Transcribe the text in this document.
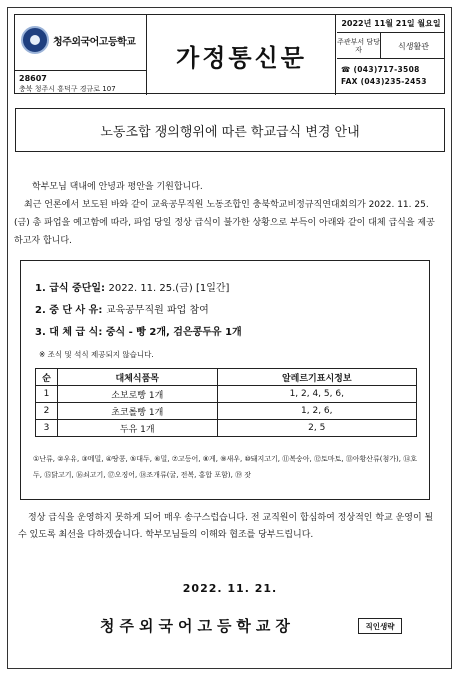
청주외국어고등학교
28607
충북 청주시 흥덕구 경규로 107
가정통신문
2022년 11월 21일 월요일
주관부서 담당자	식생활관
☎ (043)717-3508
FAX (043)235-2453
노동조합 쟁의행위에 따른 학교급식 변경 안내
학부모님 댁내에 안녕과 평안을 기원합니다.
최근 언론에서 보도된 바와 같이 교육공무직원 노동조합인 충북학교비정규직연대회의가 2022. 11. 25.(금) 총 파업을 예고함에 따라, 파업 당일 정상 급식이 불가한 상황으로 부득이 아래와 같이 대체 급식을 제공하고자 합니다.
1. 급식 중단일: 2022. 11. 25.(금) [1일간]
2. 중 단 사 유: 교육공무직원 파업 참여
3. 대 체 급 식: 중식 - 빵 2개, 검은콩두유 1개
※ 조식 및 석식 제공되지 않습니다.
순	대체식품목	알레르기표시정보
1	소보로빵 1개	1, 2, 4, 5, 6,
2	초코롤빵 1개	1, 2, 6,
3	두유 1개	2, 5
①난류, ②우유, ③메밀, ④땅콩, ⑤대두, ⑥밀, ⑦고등어, ⑧게, ⑨새우, ⑩돼지고기, ⑪복숭아, ⑫토마토, ⑬아황산류(첨가), ⑭호두, ⑮닭고기, ⑯쇠고기, ⑰오징어, ⑱조개류(굴, 전복, 홍합 포함), ⑲ 잣
정상 급식을 운영하지 못하게 되어 매우 송구스럽습니다. 전 교직원이 합심하여 정상적인 학교 운영이 될 수 있도록 최선을 다하겠습니다. 학부모님들의 이해와 협조를 당부드립니다.
2022. 11. 21.
청주외국어고등학교장	직인생략
